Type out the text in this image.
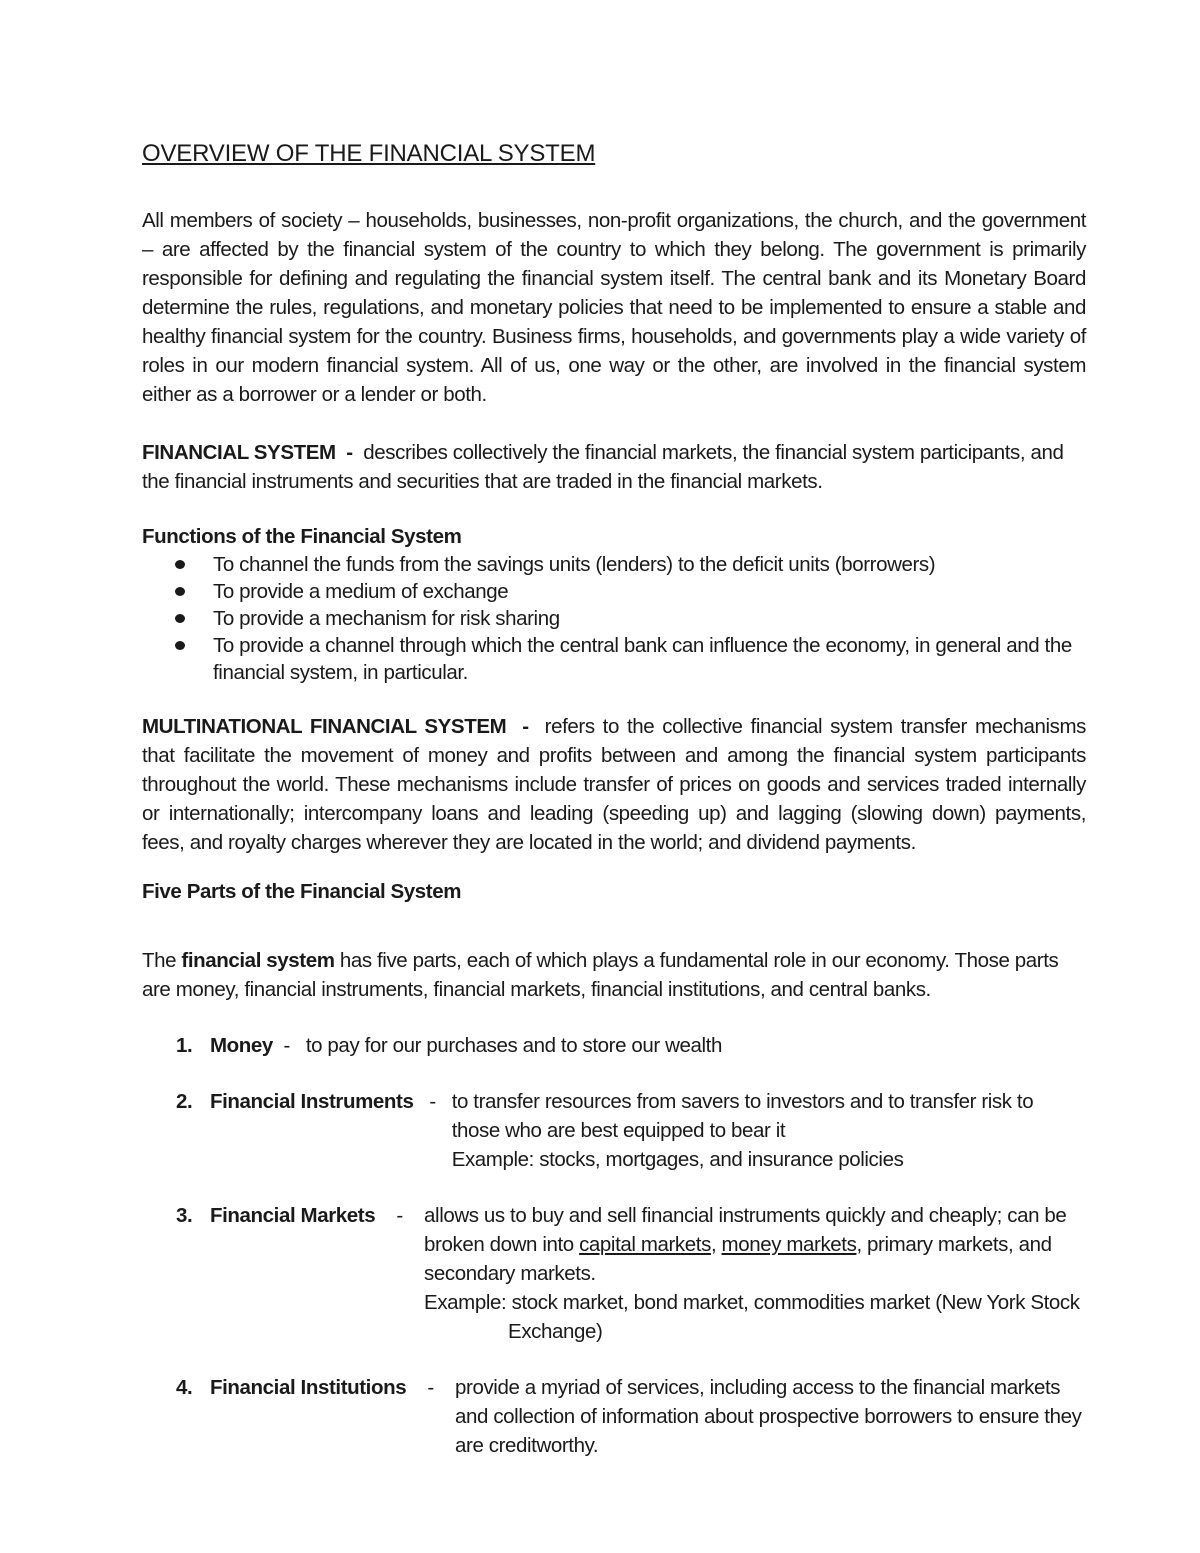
OVERVIEW OF THE FINANCIAL SYSTEM

All members of society – households, businesses, non-profit organizations, the church, and the government – are affected by the financial system of the country to which they belong. The government is primarily responsible for defining and regulating the financial system itself. The central bank and its Monetary Board determine the rules, regulations, and monetary policies that need to be implemented to ensure a stable and healthy financial system for the country. Business firms, households, and governments play a wide variety of roles in our modern financial system. All of us, one way or the other, are involved in the financial system either as a borrower or a lender or both.

FINANCIAL SYSTEM  -  describes collectively the financial markets, the financial system participants, and the financial instruments and securities that are traded in the financial markets.

Functions of the Financial System

To channel the funds from the savings units (lenders) to the deficit units (borrowers)
To provide a medium of exchange
To provide a mechanism for risk sharing
To provide a channel through which the central bank can influence the economy, in general and the financial system, in particular.

MULTINATIONAL FINANCIAL SYSTEM  -  refers to the collective financial system transfer mechanisms that facilitate the movement of money and profits between and among the financial system participants throughout the world. These mechanisms include transfer of prices on goods and services traded internally or internationally; intercompany loans and leading (speeding up) and lagging (slowing down) payments, fees, and royalty charges wherever they are located in the world; and dividend payments.

Five Parts of the Financial System

The financial system has five parts, each of which plays a fundamental role in our economy. Those parts are money, financial instruments, financial markets, financial institutions, and central banks.

1. Money - to pay for our purchases and to store our wealth
2. Financial Instruments - to transfer resources from savers to investors and to transfer risk to those who are best equipped to bear it
Example: stocks, mortgages, and insurance policies
3. Financial Markets - allows us to buy and sell financial instruments quickly and cheaply; can be broken down into capital markets, money markets, primary markets, and secondary markets.
Example: stock market, bond market, commodities market (New York Stock
Exchange)
4. Financial Institutions - provide a myriad of services, including access to the financial markets and collection of information about prospective borrowers to ensure they are creditworthy.
